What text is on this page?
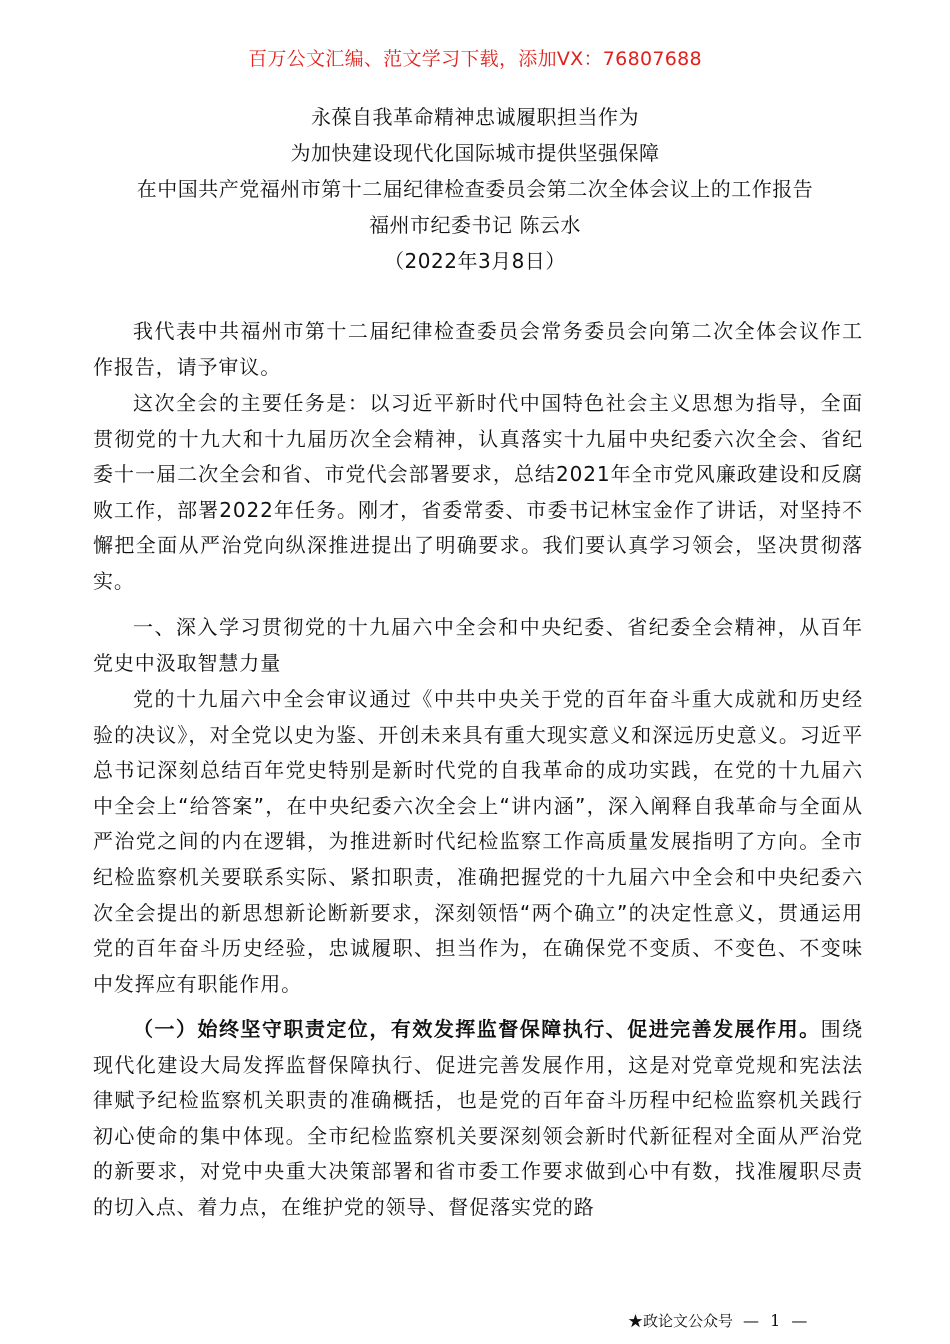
百万公文汇编、范文学习下载，添加VX：76807688
永葆自我革命精神忠诚履职担当作为
为加快建设现代化国际城市提供坚强保障
在中国共产党福州市第十二届纪律检查委员会第二次全体会议上的工作报告
福州市纪委书记 陈云水
（2022年3月8日）

我代表中共福州市第十二届纪律检查委员会常务委员会向第二次全体会议作工作报告，请予审议。

这次全会的主要任务是：以习近平新时代中国特色社会主义思想为指导，全面贯彻党的十九大和十九届历次全会精神，认真落实十九届中央纪委六次全会、省纪委十一届二次全会和省、市党代会部署要求，总结2021年全市党风廉政建设和反腐败工作，部署2022年任务。刚才，省委常委、市委书记林宝金作了讲话，对坚持不懈把全面从严治党向纵深推进提出了明确要求。我们要认真学习领会，坚决贯彻落实。

一、深入学习贯彻党的十九届六中全会和中央纪委、省纪委全会精神，从百年党史中汲取智慧力量

党的十九届六中全会审议通过《中共中央关于党的百年奋斗重大成就和历史经验的决议》，对全党以史为鉴、开创未来具有重大现实意义和深远历史意义。习近平总书记深刻总结百年党史特别是新时代党的自我革命的成功实践，在党的十九届六中全会上“给答案”，在中央纪委六次全会上“讲内涵”，深入阐释自我革命与全面从严治党之间的内在逻辑，为推进新时代纪检监察工作高质量发展指明了方向。全市纪检监察机关要联系实际、紧扣职责，准确把握党的十九届六中全会和中央纪委六次全会提出的新思想新论断新要求，深刻领悟“两个确立”的决定性意义，贯通运用党的百年奋斗历史经验，忠诚履职、担当作为，在确保党不变质、不变色、不变味中发挥应有职能作用。

（一）始终坚守职责定位，有效发挥监督保障执行、促进完善发展作用。围绕现代化建设大局发挥监督保障执行、促进完善发展作用，这是对党章党规和宪法法律赋予纪检监察机关职责的准确概括，也是党的百年奋斗历程中纪检监察机关践行初心使命的集中体现。全市纪检监察机关要深刻领会新时代新征程对全面从严治党的新要求，对党中央重大决策部署和省市委工作要求做到心中有数，找准履职尽责的切入点、着力点，在维护党的领导、督促落实党的路

★政论文公众号 — 1 —
